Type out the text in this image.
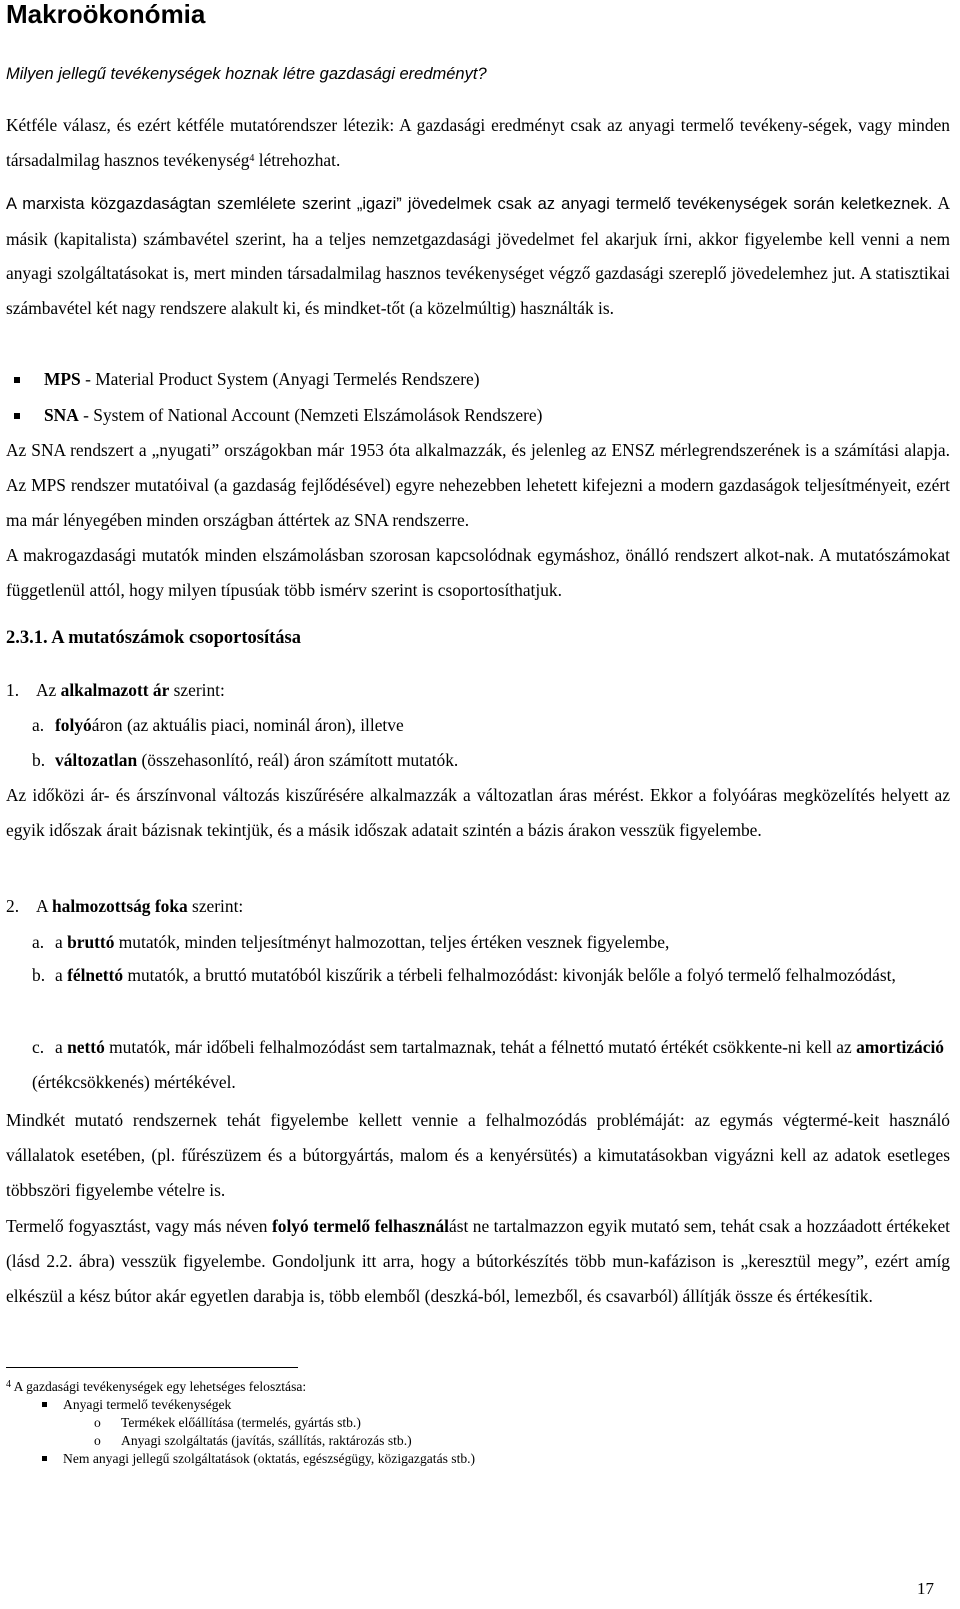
Makroökonómia
Milyen jellegű tevékenységek hoznak létre gazdasági eredményt?
Kétféle válasz, és ezért kétféle mutatórendszer létezik: A gazdasági eredményt csak az anyagi termelő tevékeny-ségek, vagy minden társadalmilag hasznos tevékenység$^4$ létrehozhat.
A marxista közgazdaságtan szemlélete szerint „igazi” jövedelmek csak az anyagi termelő tevékenységek során keletkeznek. A másik (kapitalista) számbavétel szerint, ha a teljes nemzetgazdasági jövedelmet fel akarjuk írni, akkor figyelembe kell venni a nem anyagi szolgáltatásokat is, mert minden társadalmilag hasznos tevékenységet végző gazdasági szereplő jövedelemhez jut. A statisztikai számbavétel két nagy rendszere alakult ki, és mindket-tőt (a közelmúltig) használták is.
MPS - Material Product System (Anyagi Termelés Rendszere)
SNA - System of National Account (Nemzeti Elszámolások Rendszere)
Az SNA rendszert a „nyugati” országokban már 1953 óta alkalmazzák, és jelenleg az ENSZ mérlegrendszerének is a számítási alapja. Az MPS rendszer mutatóival (a gazdaság fejlődésével) egyre nehezebben lehetett kifejezni a modern gazdaságok teljesítményeit, ezért ma már lényegében minden országban áttértek az SNA rendszerre.
A makrogazdasági mutatók minden elszámolásban szorosan kapcsolódnak egymáshoz, önálló rendszert alkot-nak. A mutatószámokat függetlenül attól, hogy milyen típusúak több ismérv szerint is csoportosíthatjuk.
2.3.1. A mutatószámok csoportosítása
1. Az alkalmazott ár szerint:
a. folyóáron (az aktuális piaci, nominál áron), illetve
b. változatlan (összehasonlító, reál) áron számított mutatók.
Az időközi ár- és árszínvonal változás kiszűrésére alkalmazzák a változatlan áras mérést. Ekkor a folyóáras megközelítés helyett az egyik időszak árait bázisnak tekintjük, és a másik időszak adatait szintén a bázis árakon vesszük figyelembe.
2. A halmozottság foka szerint:
a. a bruttó mutatók, minden teljesítményt halmozottan, teljes értéken vesznek figyelembe,
b. a félnettó mutatók, a bruttó mutatóból kiszűrik a térbeli felhalmozódást: kivonják belőle a folyó termelő felhalmozódást,
c. a nettó mutatók, már időbeli felhalmozódást sem tartalmaznak, tehát a félnettó mutató értékét csökkente-ni kell az amortizáció (értékcsökkenés) mértékével.
Mindkét mutató rendszernek tehát figyelembe kellett vennie a felhalmozódás problémáját: az egymás végtermé-keit használó vállalatok esetében, (pl. fűrészüzem és a bútorgyártás, malom és a kenyérsütés) a kimutatásokban vigyázni kell az adatok esetleges többszöri figyelembe vételre is.
Termelő fogyasztást, vagy más néven folyó termelő felhasználást ne tartalmazzon egyik mutató sem, tehát csak a hozzáadott értékeket (lásd 2.2. ábra) vesszük figyelembe. Gondoljunk itt arra, hogy a bútorkészítés több mun-kafázison is „keresztül megy”, ezért amíg elkészül a kész bútor akár egyetlen darabja is, több elemből (deszká-ból, lemezből, és csavarból) állítják össze és értékesítik.
$^4$ A gazdasági tevékenységek egy lehetséges felosztása:
Anyagi termelő tevékenységek
o Termékek előállítása (termelés, gyártás stb.)
o Anyagi szolgáltatás (javítás, szállítás, raktározás stb.)
Nem anyagi jellegű szolgáltatások (oktatás, egészségügy, közigazgatás stb.)
17
